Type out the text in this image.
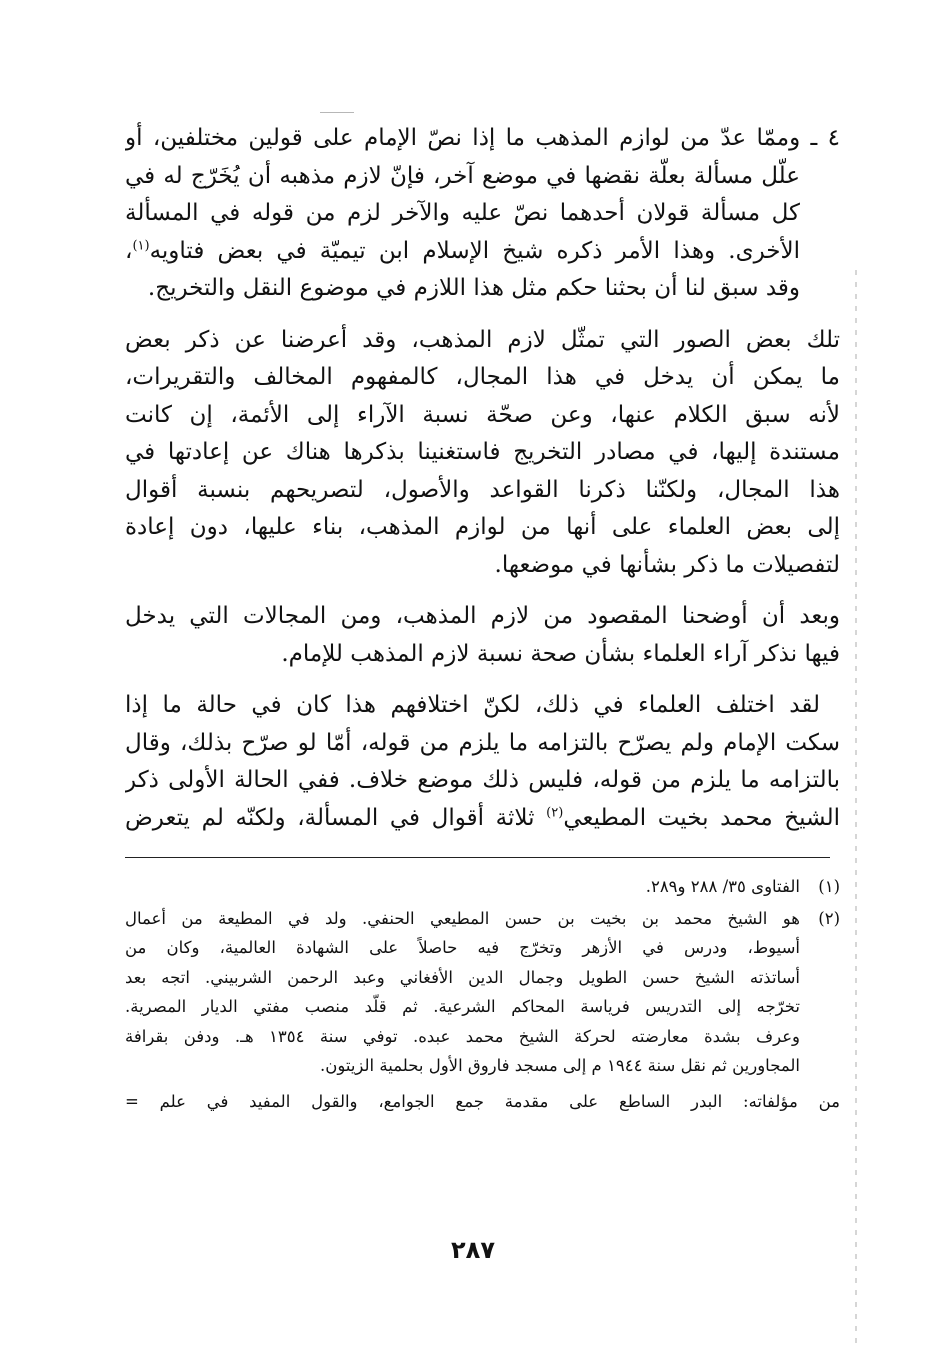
٤ ـ وممّا عدّ من لوازم المذهب ما إذا نصّ الإمام على قولين مختلفين، أو
علّل مسألة بعلّة نقضها في موضع آخر، فإنّ لازم مذهبه أن يُخَرّج له في
كل مسألة قولان أحدهما نصّ عليه والآخر لزم من قوله في المسألة
الأخرى. وهذا الأمر ذكره شيخ الإسلام ابن تيميّة في بعض فتاويه$^{(١)}$،
وقد سبق لنا أن بحثنا حكم مثل هذا اللازم في موضوع النقل والتخريج.
تلك بعض الصور التي تمثّل لازم المذهب، وقد أعرضنا عن ذكر بعض
ما يمكن أن يدخل في هذا المجال، كالمفهوم المخالف والتقريرات،
لأنه سبق الكلام عنها، وعن صحّة نسبة الآراء إلى الأئمة، إن كانت
مستندة إليها، في مصادر التخريج فاستغنينا بذكرها هناك عن إعادتها في
هذا المجال، ولكنّنا ذكرنا القواعد والأصول، لتصريحهم بنسبة أقوال
إلى بعض العلماء على أنها من لوازم المذهب، بناء عليها، دون إعادة
لتفصيلات ما ذكر بشأنها في موضعها.
وبعد أن أوضحنا المقصود من لازم المذهب، ومن المجالات التي يدخل
فيها نذكر آراء العلماء بشأن صحة نسبة لازم المذهب للإمام.
لقد اختلف العلماء في ذلك، لكنّ اختلافهم هذا كان في حالة ما إذا
سكت الإمام ولم يصرّح بالتزامه ما يلزم من قوله، أمّا لو صرّح بذلك، وقال
بالتزامه ما يلزم من قوله، فليس ذلك موضع خلاف. ففي الحالة الأولى ذكر
الشيخ محمد بخيت المطيعي$^{(٢)}$ ثلاثة أقوال في المسألة، ولكنّه لم يتعرض
(١)الفتاوى ٣٥/ ٢٨٨ و٢٨٩.
(٢)هو الشيخ محمد بن بخيت بن حسن المطيعي الحنفي. ولد في المطيعة من أعمال
أسيوط، ودرس في الأزهر وتخرّج فيه حاصلاً على الشهادة العالمية، وكان من
أساتذته الشيخ حسن الطويل وجمال الدين الأفغاني وعبد الرحمن الشربيني. اتجه بعد
تخرّجه إلى التدريس فرياسة المحاكم الشرعية. ثم قلّد منصب مفتي الديار المصرية.
وعرف بشدة معارضته لحركة الشيخ محمد عبده. توفي سنة ١٣٥٤ هـ. ودفن بقرافة
المجاورين ثم نقل سنة ١٩٤٤ م إلى مسجد فاروق الأول بحلمية الزيتون.
من مؤلفاته: البدر الساطع على مقدمة جمع الجوامع، والقول المفيد في علم =
٢٨٧
